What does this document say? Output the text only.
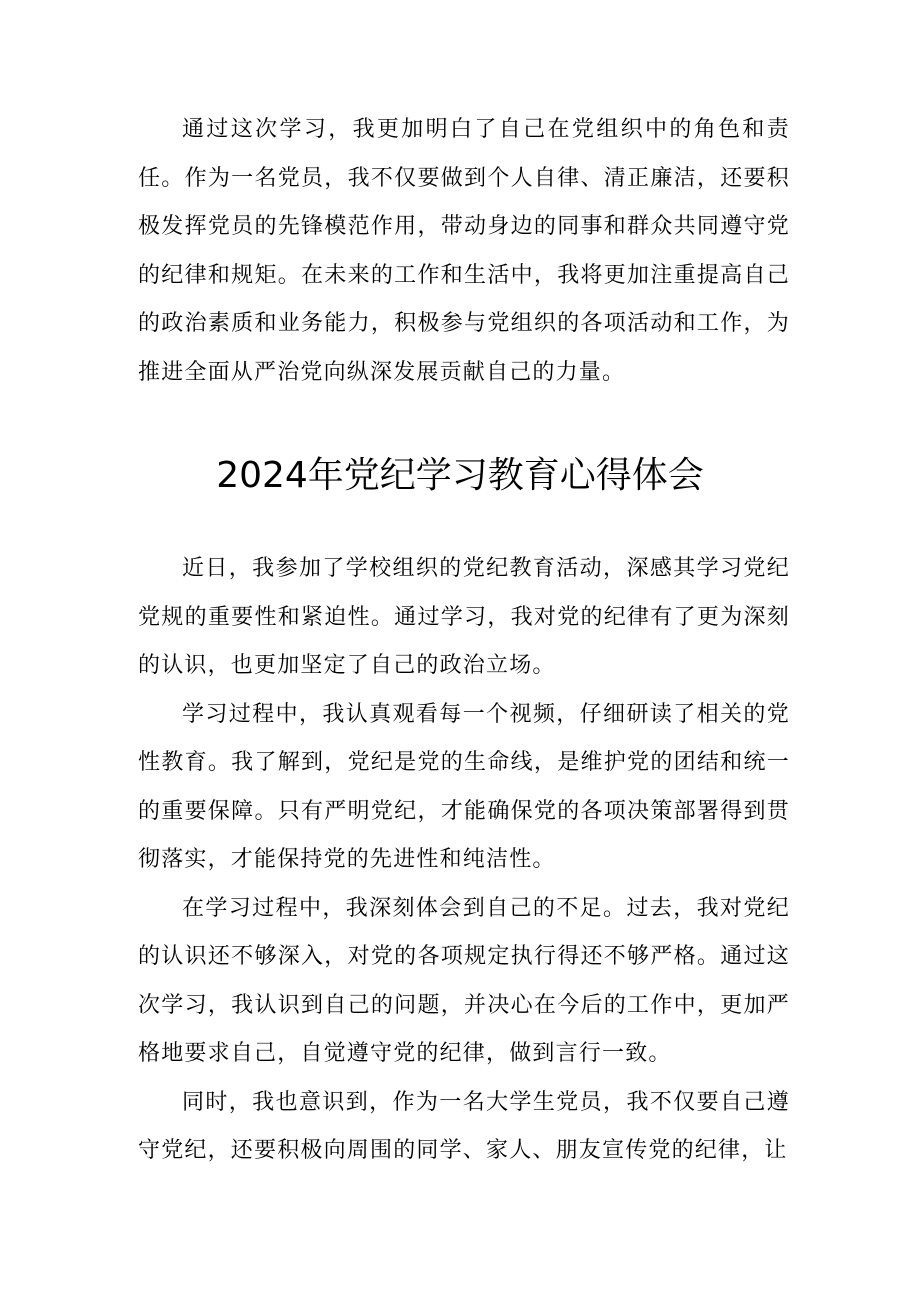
通过这次学习，我更加明白了自己在党组织中的角色和责任。作为一名党员，我不仅要做到个人自律、清正廉洁，还要积极发挥党员的先锋模范作用，带动身边的同事和群众共同遵守党的纪律和规矩。在未来的工作和生活中，我将更加注重提高自己的政治素质和业务能力，积极参与党组织的各项活动和工作，为推进全面从严治党向纵深发展贡献自己的力量。

2024年党纪学习教育心得体会

近日，我参加了学校组织的党纪教育活动，深感其学习党纪党规的重要性和紧迫性。通过学习，我对党的纪律有了更为深刻的认识，也更加坚定了自己的政治立场。

学习过程中，我认真观看每一个视频，仔细研读了相关的党性教育。我了解到，党纪是党的生命线，是维护党的团结和统一的重要保障。只有严明党纪，才能确保党的各项决策部署得到贯彻落实，才能保持党的先进性和纯洁性。

在学习过程中，我深刻体会到自己的不足。过去，我对党纪的认识还不够深入，对党的各项规定执行得还不够严格。通过这次学习，我认识到自己的问题，并决心在今后的工作中，更加严格地要求自己，自觉遵守党的纪律，做到言行一致。

同时，我也意识到，作为一名大学生党员，我不仅要自己遵守党纪，还要积极向周围的同学、家人、朋友宣传党的纪律，让
